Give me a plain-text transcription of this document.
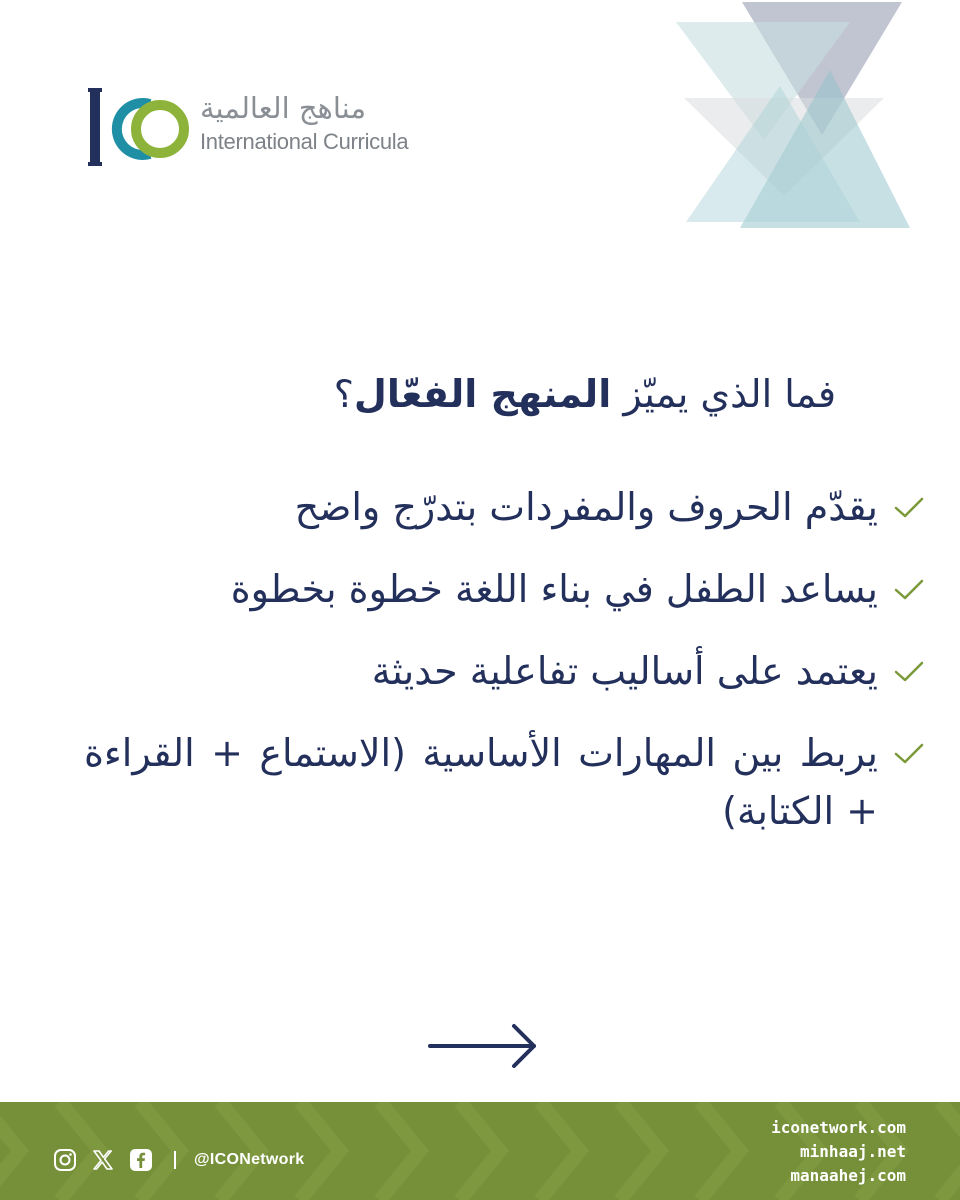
مناهج العالمية
International Curricula
فما الذي يميّز المنهج الفعّال؟
يقدّم الحروف والمفردات بتدرّج واضح
يساعد الطفل في بناء اللغة خطوة بخطوة
يعتمد على أساليب تفاعلية حديثة
يربط بين المهارات الأساسية (الاستماع + القراءة + الكتابة)
@ICONetwork
iconetwork.com
minhaaj.net
manaahej.com
